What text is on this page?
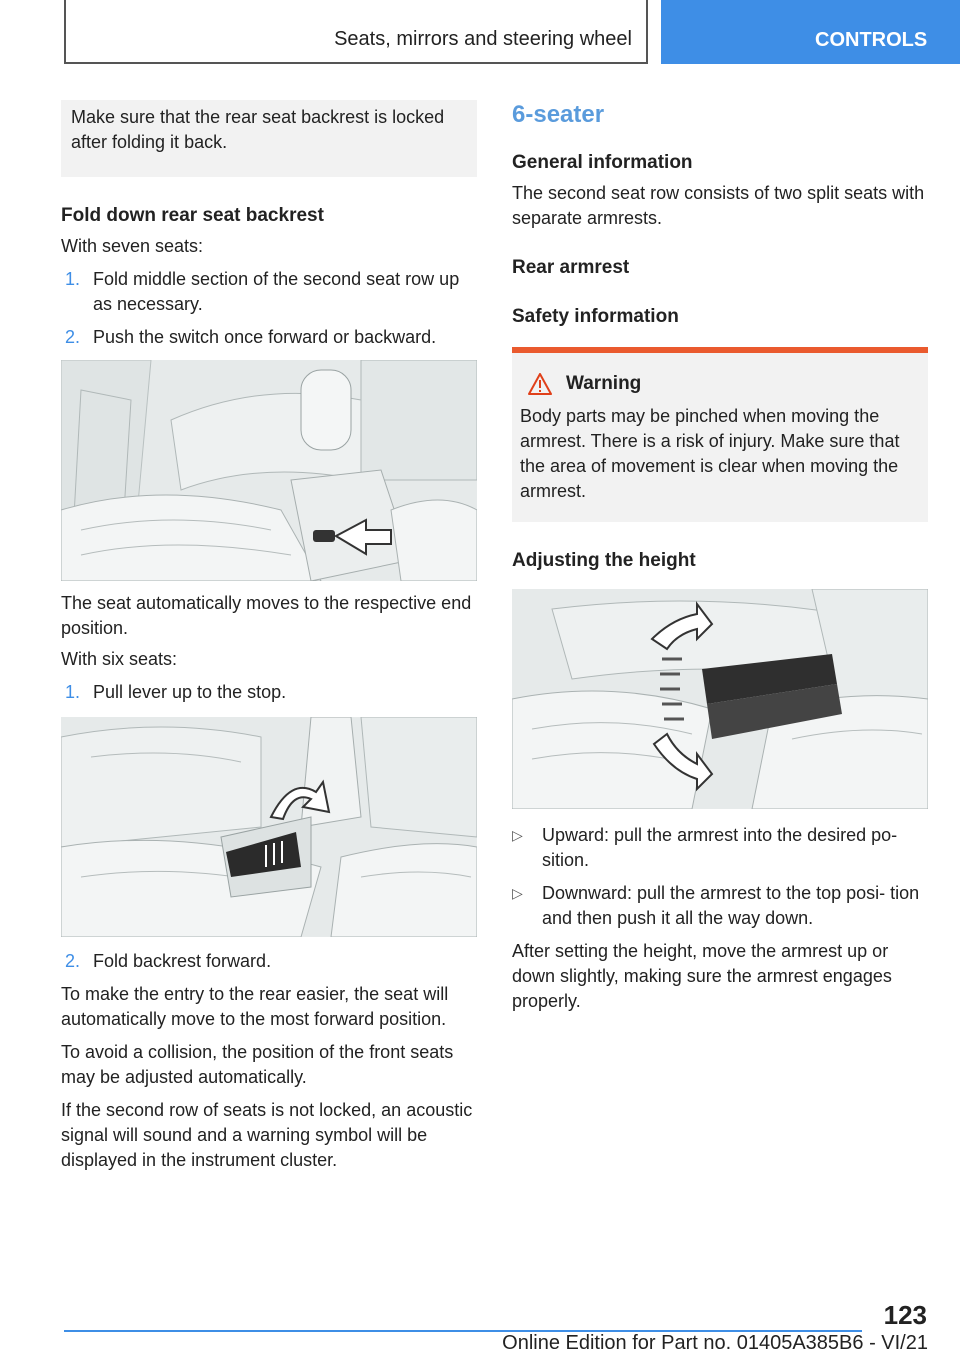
Seats, mirrors and steering wheel	CONTROLS

Make sure that the rear seat backrest is locked after folding it back.

Fold down rear seat backrest

With seven seats:

1. Fold middle section of the second seat row up as necessary.
2. Push the switch once forward or backward.

The seat automatically moves to the respective end position.

With six seats:

1. Pull lever up to the stop.
2. Fold backrest forward.

To make the entry to the rear easier, the seat will automatically move to the most forward position.

To avoid a collision, the position of the front seats may be adjusted automatically.

If the second row of seats is not locked, an acoustic signal will sound and a warning symbol will be displayed in the instrument cluster.

6-seater
General information

The second seat row consists of two split seats with separate armrests.

Rear armrest
Safety information
Warning

Body parts may be pinched when moving the armrest. There is a risk of injury. Make sure that the area of movement is clear when moving the armrest.

Adjusting the height
▷ Upward: pull the armrest into the desired po‐ sition.
▷ Downward: pull the armrest to the top posi‐ tion and then push it all the way down.

After setting the height, move the armrest up or down slightly, making sure the armrest engages properly.

123
Online Edition for Part no. 01405A385B6 - VI/21
